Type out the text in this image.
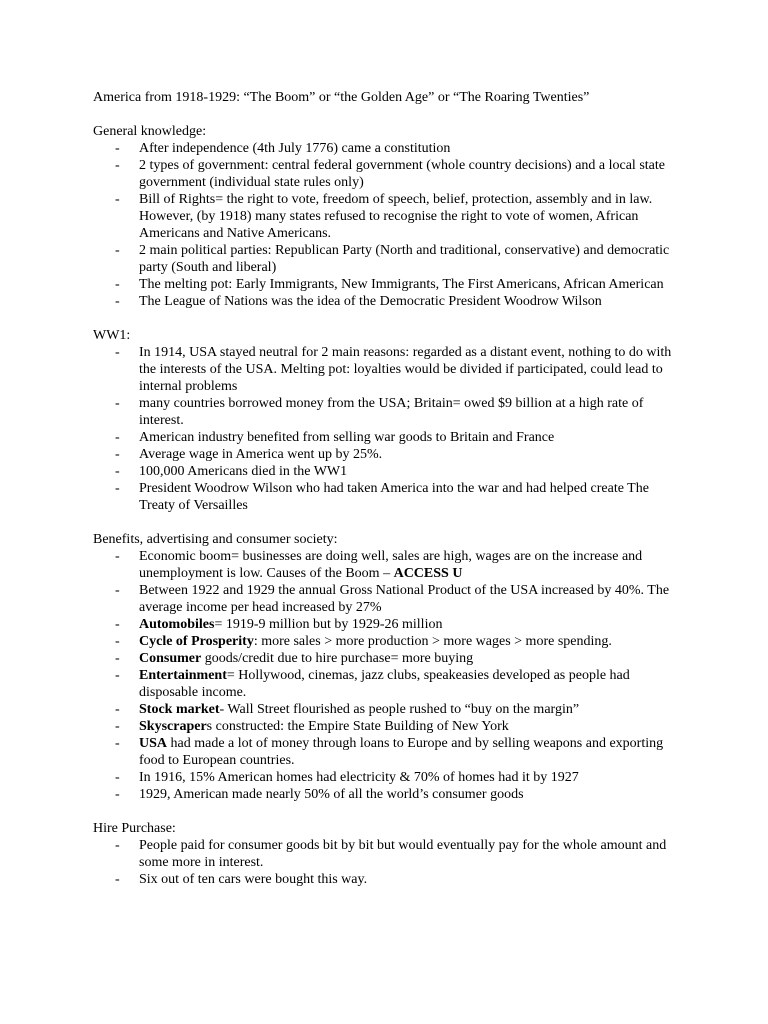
America from 1918-1929: “The Boom” or “the Golden Age” or “The Roaring Twenties”
General knowledge:
- After independence (4th July 1776) came a constitution
- 2 types of government: central federal government (whole country decisions) and a local state government (individual state rules only)
- Bill of Rights= the right to vote, freedom of speech, belief, protection, assembly and in law. However, (by 1918) many states refused to recognise the right to vote of women, African Americans and Native Americans.
- 2 main political parties: Republican Party (North and traditional, conservative) and democratic party (South and liberal)
- The melting pot: Early Immigrants, New Immigrants, The First Americans, African American
- The League of Nations was the idea of the Democratic President Woodrow Wilson
WW1:
- In 1914, USA stayed neutral for 2 main reasons: regarded as a distant event, nothing to do with the interests of the USA. Melting pot: loyalties would be divided if participated, could lead to internal problems
- many countries borrowed money from the USA; Britain= owed $9 billion at a high rate of interest.
- American industry benefited from selling war goods to Britain and France
- Average wage in America went up by 25%.
- 100,000 Americans died in the WW1
- President Woodrow Wilson who had taken America into the war and had helped create The Treaty of Versailles
Benefits, advertising and consumer society:
- Economic boom= businesses are doing well, sales are high, wages are on the increase and unemployment is low. Causes of the Boom – ACCESS U
- Between 1922 and 1929 the annual Gross National Product of the USA increased by 40%. The average income per head increased by 27%
- Automobiles= 1919-9 million but by 1929-26 million
- Cycle of Prosperity: more sales > more production > more wages > more spending.
- Consumer goods/credit due to hire purchase= more buying
- Entertainment= Hollywood, cinemas, jazz clubs, speakeasies developed as people had disposable income.
- Stock market- Wall Street flourished as people rushed to “buy on the margin”
- Skyscrapers constructed: the Empire State Building of New York
- USA had made a lot of money through loans to Europe and by selling weapons and exporting food to European countries.
- In 1916, 15% American homes had electricity & 70% of homes had it by 1927
- 1929, American made nearly 50% of all the world’s consumer goods
Hire Purchase:
- People paid for consumer goods bit by bit but would eventually pay for the whole amount and some more in interest.
- Six out of ten cars were bought this way.
